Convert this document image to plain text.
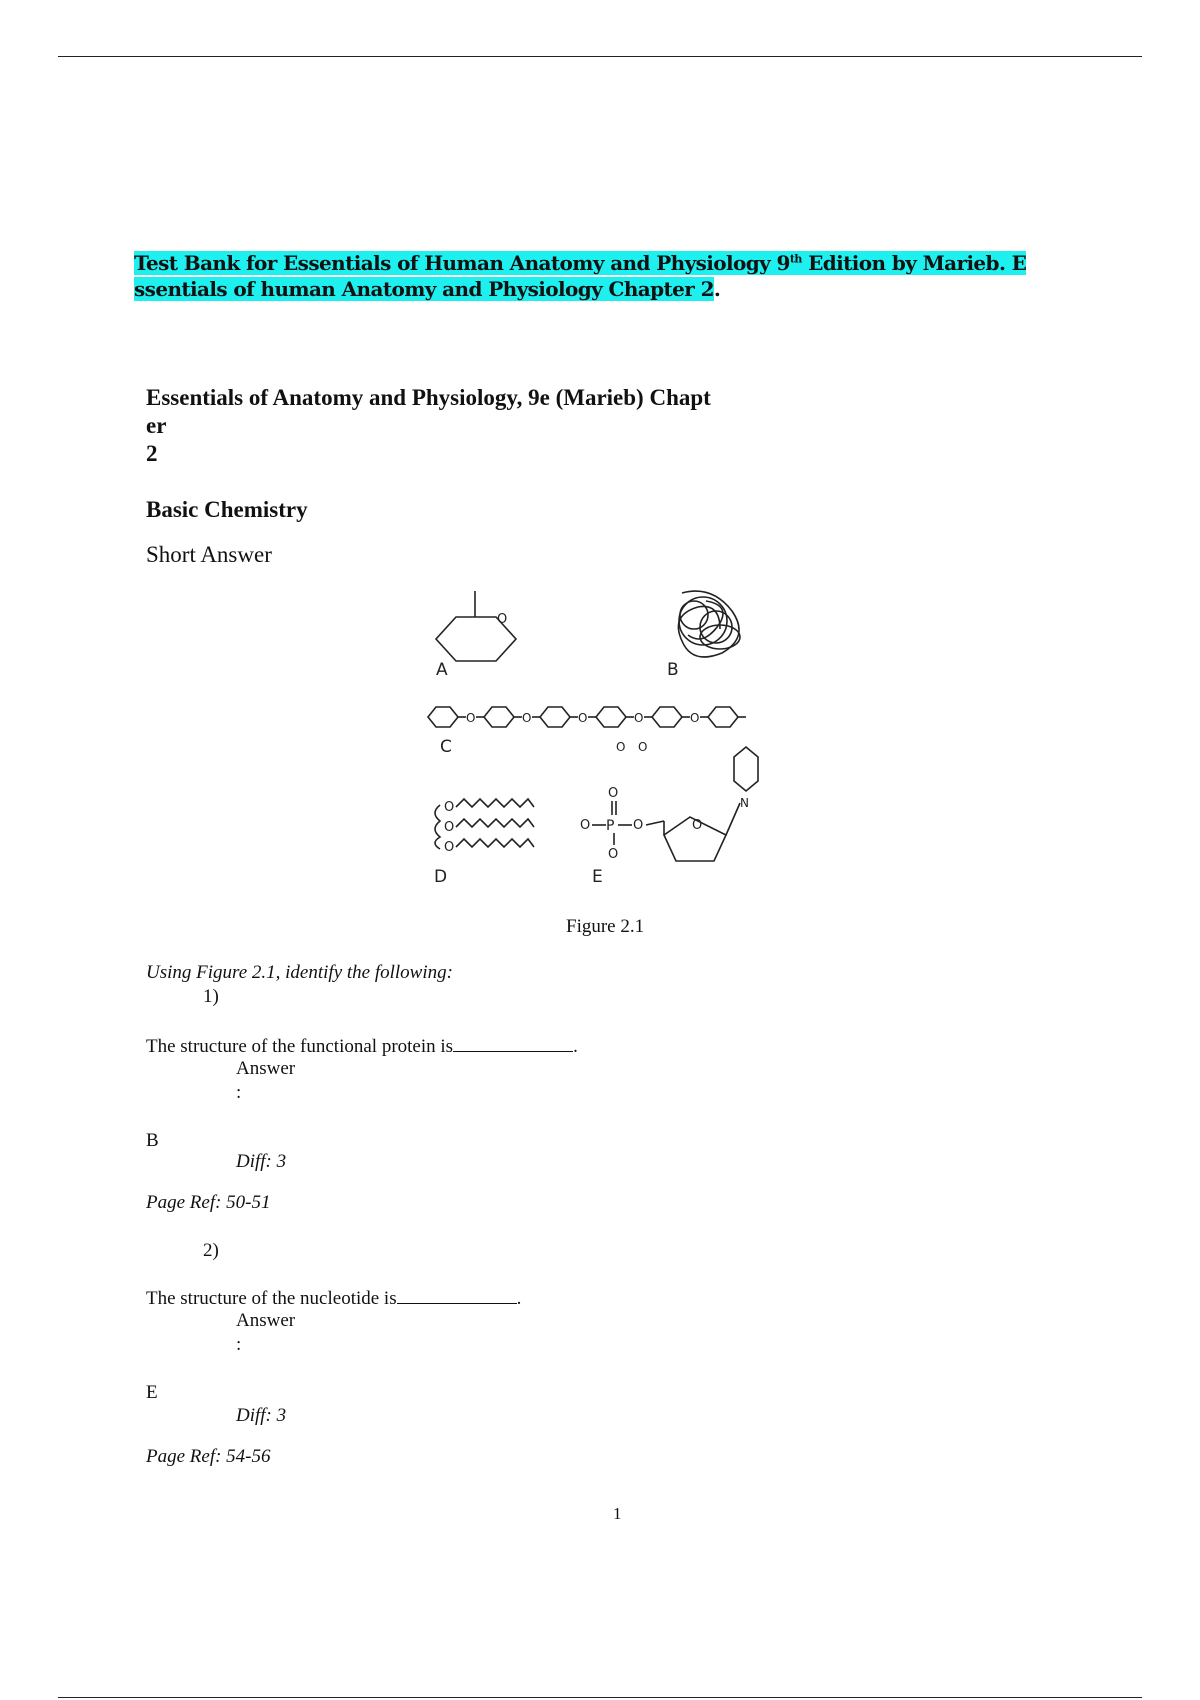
Test Bank for Essentials of Human Anatomy and Physiology 9th Edition by Marieb. E
ssentials of human Anatomy and Physiology Chapter 2.
Essentials of Anatomy and Physiology, 9e (Marieb) Chapt
er
2
Basic Chemistry
Short Answer
O
A	B
O	O	O	O	O
O O
C
O
O
O
D
O
O P O
O
O
N
E
Figure 2.1
Using Figure 2.1, identify the following:
1)
The structure of the functional protein is	.
Answer
:
B
Diff: 3
Page Ref: 50-51
2)
The structure of the nucleotide is	.
Answer
:
E
Diff: 3
Page Ref: 54-56
1
